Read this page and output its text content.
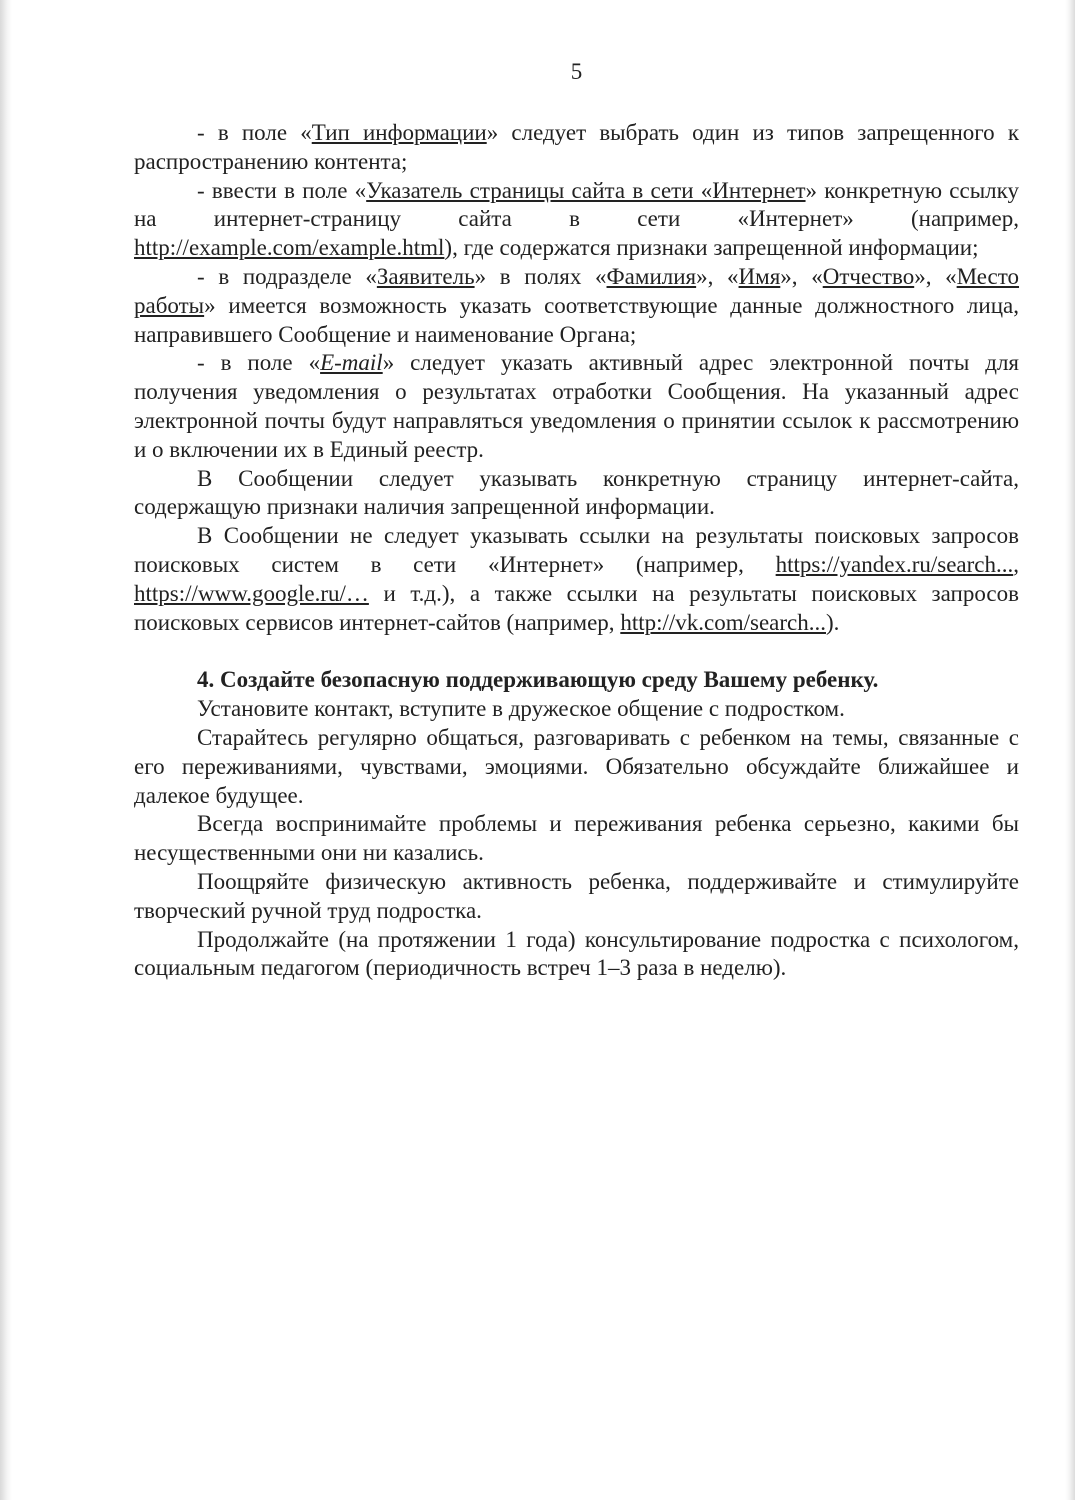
5

- в поле «Тип информации» следует выбрать один из типов запрещенного к распространению контента;

- ввести в поле «Указатель страницы сайта в сети «Интернет» конкретную ссылку на интернет-страницу сайта в сети «Интернет» (например, http://example.com/example.html), где содержатся признаки запрещенной информации;

- в подразделе «Заявитель» в полях «Фамилия», «Имя», «Отчество», «Место работы» имеется возможность указать соответствующие данные должностного лица, направившего Сообщение и наименование Органа;

- в поле «E-mail» следует указать активный адрес электронной почты для получения уведомления о результатах отработки Сообщения. На указанный адрес электронной почты будут направляться уведомления о принятии ссылок к рассмотрению и о включении их в Единый реестр.

В Сообщении следует указывать конкретную страницу интернет-сайта, содержащую признаки наличия запрещенной информации.

В Сообщении не следует указывать ссылки на результаты поисковых запросов поисковых систем в сети «Интернет» (например, https://yandex.ru/search..., https://www.google.ru/… и т.д.), а также ссылки на результаты поисковых запросов поисковых сервисов интернет-сайтов (например, http://vk.com/search...).

4. Создайте безопасную поддерживающую среду Вашему ребенку.

Установите контакт, вступите в дружеское общение с подростком.

Старайтесь регулярно общаться, разговаривать с ребенком на темы, связанные с его переживаниями, чувствами, эмоциями. Обязательно обсуждайте ближайшее и далекое будущее.

Всегда воспринимайте проблемы и переживания ребенка серьезно, какими бы несущественными они ни казались.

Поощряйте физическую активность ребенка, поддерживайте и стимулируйте творческий ручной труд подростка.

Продолжайте (на протяжении 1 года) консультирование подростка с психологом, социальным педагогом (периодичность встреч 1–3 раза в неделю).
